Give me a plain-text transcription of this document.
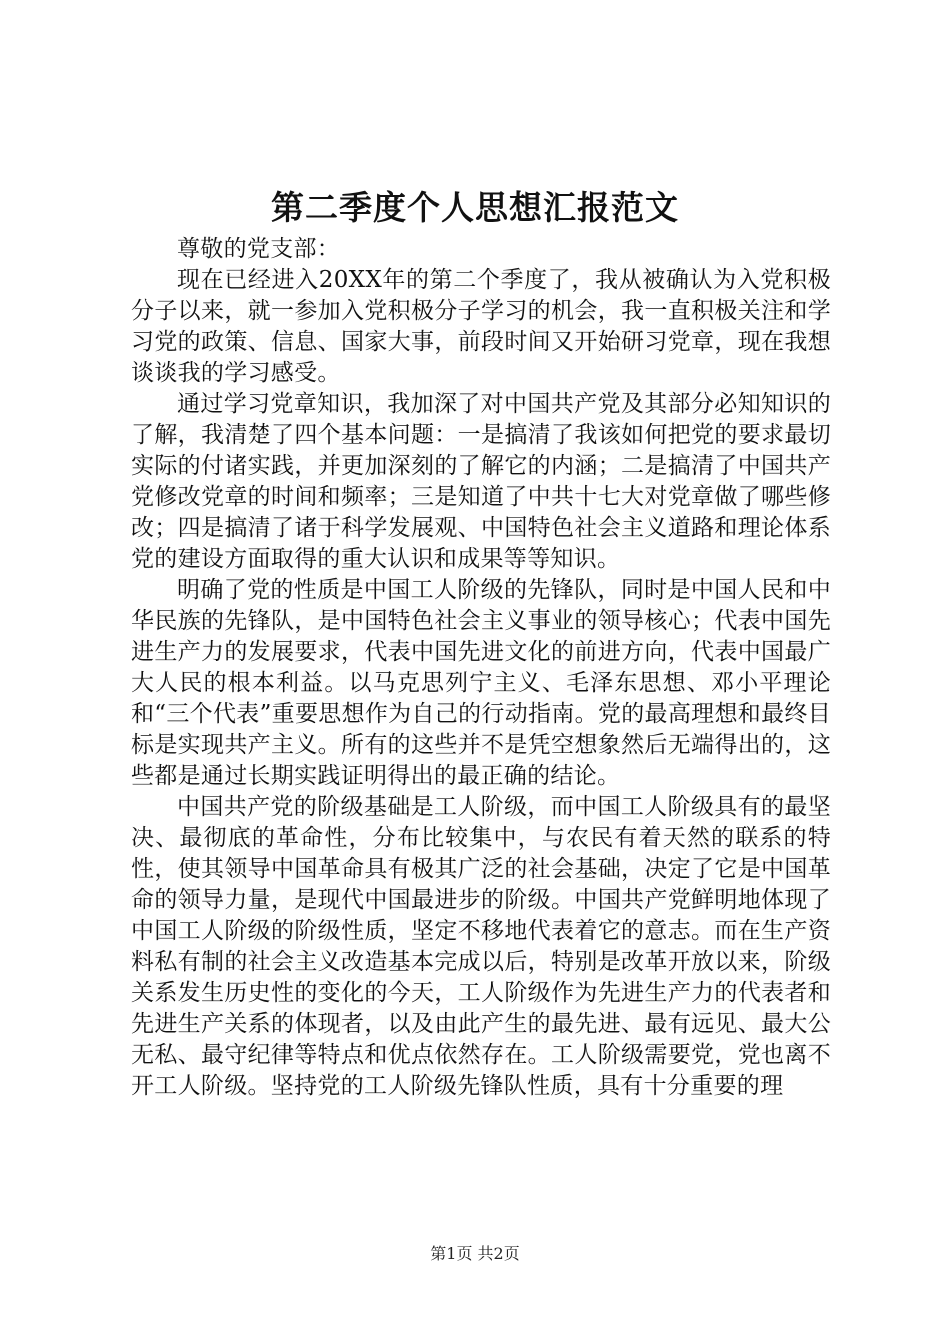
第二季度个人思想汇报范文

尊敬的党支部：

现在已经进入20XX年的第二个季度了，我从被确认为入党积极分子以来，就一参加入党积极分子学习的机会，我一直积极关注和学习党的政策、信息、国家大事，前段时间又开始研习党章，现在我想谈谈我的学习感受。

通过学习党章知识，我加深了对中国共产党及其部分必知知识的了解，我清楚了四个基本问题：一是搞清了我该如何把党的要求最切实际的付诸实践，并更加深刻的了解它的内涵；二是搞清了中国共产党修改党章的时间和频率；三是知道了中共十七大对党章做了哪些修改；四是搞清了诸于科学发展观、中国特色社会主义道路和理论体系党的建设方面取得的重大认识和成果等等知识。

明确了党的性质是中国工人阶级的先锋队，同时是中国人民和中华民族的先锋队，是中国特色社会主义事业的领导核心；代表中国先进生产力的发展要求，代表中国先进文化的前进方向，代表中国最广大人民的根本利益。以马克思列宁主义、毛泽东思想、邓小平理论和“三个代表”重要思想作为自己的行动指南。党的最高理想和最终目标是实现共产主义。所有的这些并不是凭空想象然后无端得出的，这些都是通过长期实践证明得出的最正确的结论。

中国共产党的阶级基础是工人阶级，而中国工人阶级具有的最坚决、最彻底的革命性，分布比较集中，与农民有着天然的联系的特性，使其领导中国革命具有极其广泛的社会基础，决定了它是中国革命的领导力量，是现代中国最进步的阶级。中国共产党鲜明地体现了中国工人阶级的阶级性质，坚定不移地代表着它的意志。而在生产资料私有制的社会主义改造基本完成以后，特别是改革开放以来，阶级关系发生历史性的变化的今天，工人阶级作为先进生产力的代表者和先进生产关系的体现者，以及由此产生的最先进、最有远见、最大公无私、最守纪律等特点和优点依然存在。工人阶级需要党，党也离不开工人阶级。坚持党的工人阶级先锋队性质，具有十分重要的理

第1页 共2页
